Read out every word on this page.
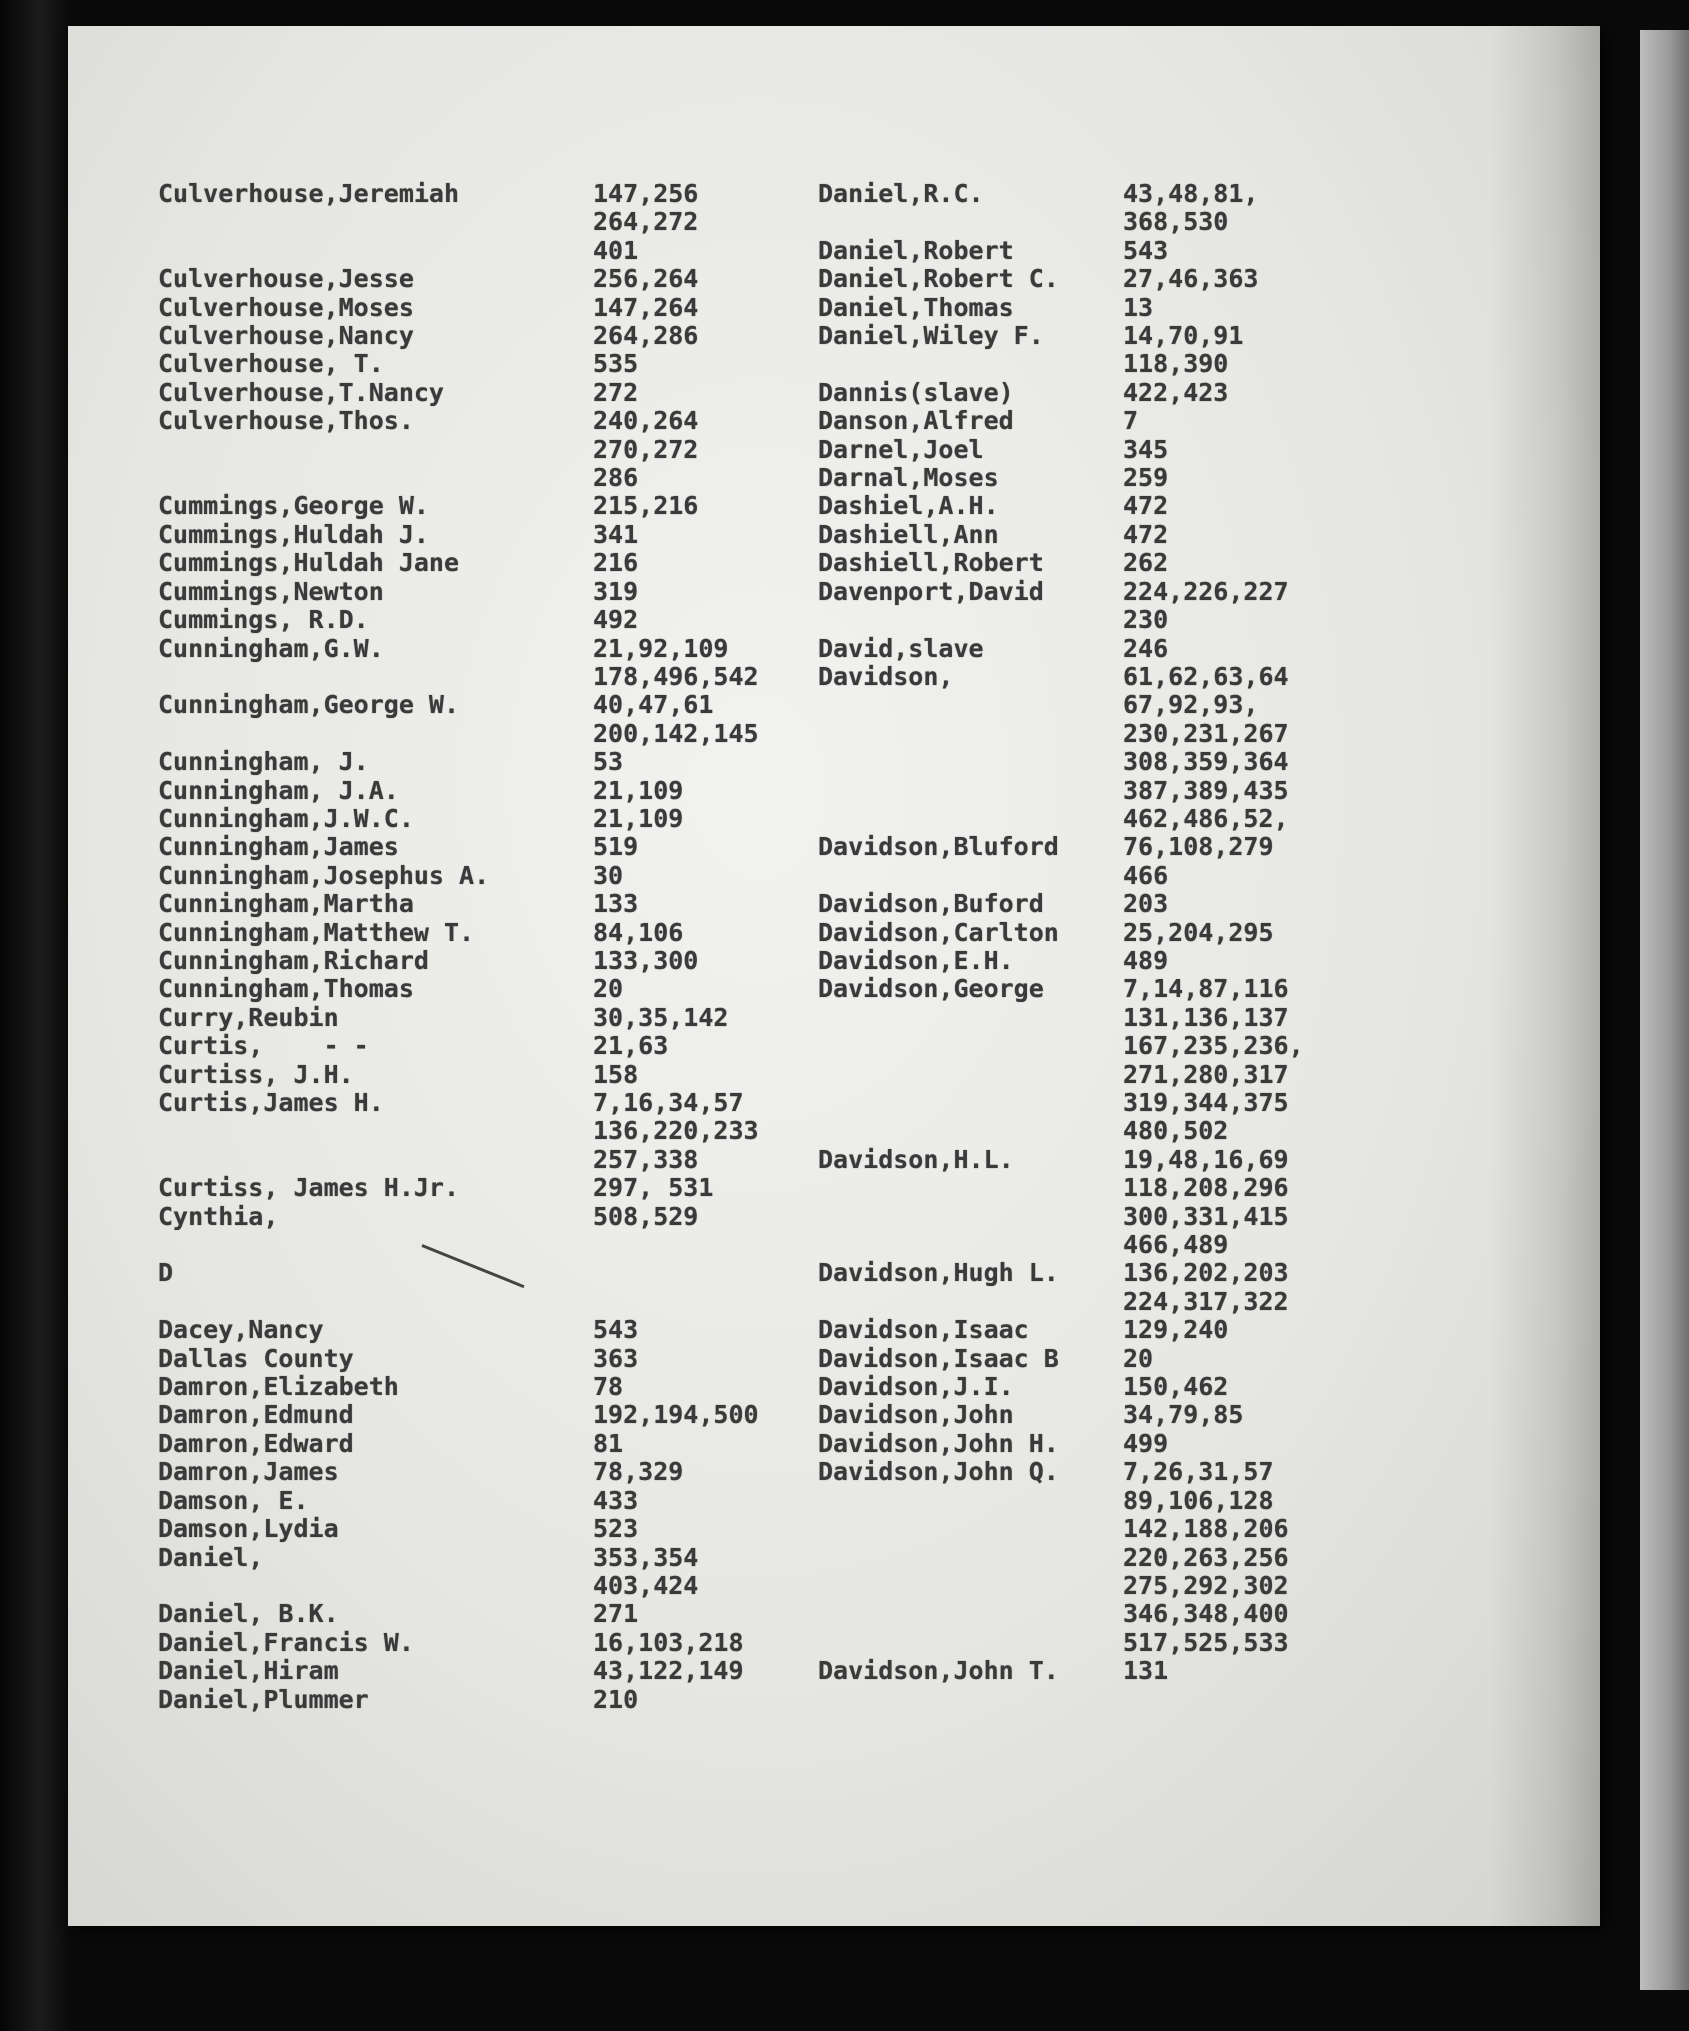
Culverhouse,Jeremiah

Culverhouse,Jesse
Culverhouse,Moses
Culverhouse,Nancy
Culverhouse, T.
Culverhouse,T.Nancy
Culverhouse,Thos.

Cummings,George W.
Cummings,Huldah J.
Cummings,Huldah Jane
Cummings,Newton
Cummings, R.D.
Cunningham,G.W.

Cunningham,George W.

Cunningham, J.
Cunningham, J.A.
Cunningham,J.W.C.
Cunningham,James
Cunningham,Josephus A.
Cunningham,Martha
Cunningham,Matthew T.
Cunningham,Richard
Cunningham,Thomas
Curry,Reubin
Curtis,    - -
Curtiss, J.H.
Curtis,James H.

Curtiss, James H.Jr.
Cynthia,

D

Dacey,Nancy
Dallas County
Damron,Elizabeth
Damron,Edmund
Damron,Edward
Damron,James
Damson, E.
Damson,Lydia
Daniel,

Daniel, B.K.
Daniel,Francis W.
Daniel,Hiram
Daniel,Plummer
147,256
264,272
401
256,264
147,264
264,286
535
272
240,264
270,272
286
215,216
341
216
319
492
21,92,109
178,496,542
40,47,61
200,142,145
53
21,109
21,109
519
30
133
84,106
133,300
20
30,35,142
21,63
158
7,16,34,57
136,220,233
257,338
297, 531
508,529

543
363
78
192,194,500
81
78,329
433
523
353,354
403,424
271
16,103,218
43,122,149
210
Daniel,R.C.

Daniel,Robert
Daniel,Robert C.
Daniel,Thomas
Daniel,Wiley F.

Dannis(slave)
Danson,Alfred
Darnel,Joel
Darnal,Moses
Dashiel,A.H.
Dashiell,Ann
Dashiell,Robert
Davenport,David

David,slave
Davidson,

Davidson,Bluford

Davidson,Buford
Davidson,Carlton
Davidson,E.H.
Davidson,George

Davidson,H.L.

Davidson,Hugh L.

Davidson,Isaac
Davidson,Isaac B
Davidson,J.I.
Davidson,John
Davidson,John H.
Davidson,John Q.

Davidson,John T.
43,48,81,
368,530
543
27,46,363
13
14,70,91
118,390
422,423
7
345
259
472
472
262
224,226,227
230
246
61,62,63,64
67,92,93,
230,231,267
308,359,364
387,389,435
462,486,52,
76,108,279
466
203
25,204,295
489
7,14,87,116
131,136,137
167,235,236,
271,280,317
319,344,375
480,502
19,48,16,69
118,208,296
300,331,415
466,489
136,202,203
224,317,322
129,240
20
150,462
34,79,85
499
7,26,31,57
89,106,128
142,188,206
220,263,256
275,292,302
346,348,400
517,525,533
131
